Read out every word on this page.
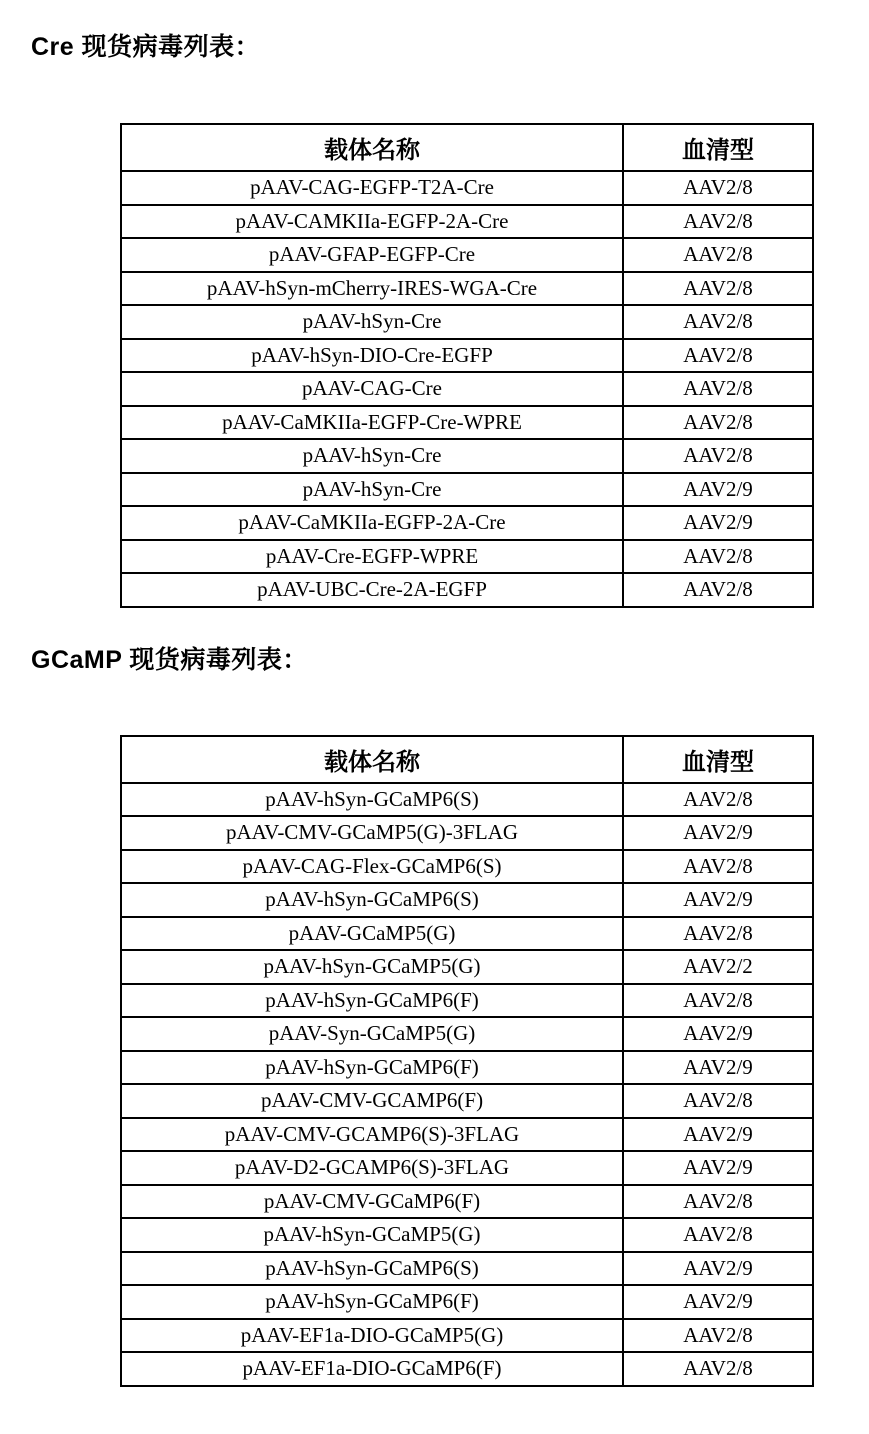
Cre 现货病毒列表：
载体名称	血清型
pAAV-CAG-EGFP-T2A-Cre	AAV2/8
pAAV-CAMKIIa-EGFP-2A-Cre	AAV2/8
pAAV-GFAP-EGFP-Cre	AAV2/8
pAAV-hSyn-mCherry-IRES-WGA-Cre	AAV2/8
pAAV-hSyn-Cre	AAV2/8
pAAV-hSyn-DIO-Cre-EGFP	AAV2/8
pAAV-CAG-Cre	AAV2/8
pAAV-CaMKIIa-EGFP-Cre-WPRE	AAV2/8
pAAV-hSyn-Cre	AAV2/8
pAAV-hSyn-Cre	AAV2/9
pAAV-CaMKIIa-EGFP-2A-Cre	AAV2/9
pAAV-Cre-EGFP-WPRE	AAV2/8
pAAV-UBC-Cre-2A-EGFP	AAV2/8
GCaMP 现货病毒列表：
载体名称	血清型
pAAV-hSyn-GCaMP6(S)	AAV2/8
pAAV-CMV-GCaMP5(G)-3FLAG	AAV2/9
pAAV-CAG-Flex-GCaMP6(S)	AAV2/8
pAAV-hSyn-GCaMP6(S)	AAV2/9
pAAV-GCaMP5(G)	AAV2/8
pAAV-hSyn-GCaMP5(G)	AAV2/2
pAAV-hSyn-GCaMP6(F)	AAV2/8
pAAV-Syn-GCaMP5(G)	AAV2/9
pAAV-hSyn-GCaMP6(F)	AAV2/9
pAAV-CMV-GCAMP6(F)	AAV2/8
pAAV-CMV-GCAMP6(S)-3FLAG	AAV2/9
pAAV-D2-GCAMP6(S)-3FLAG	AAV2/9
pAAV-CMV-GCaMP6(F)	AAV2/8
pAAV-hSyn-GCaMP5(G)	AAV2/8
pAAV-hSyn-GCaMP6(S)	AAV2/9
pAAV-hSyn-GCaMP6(F)	AAV2/9
pAAV-EF1a-DIO-GCaMP5(G)	AAV2/8
pAAV-EF1a-DIO-GCaMP6(F)	AAV2/8
